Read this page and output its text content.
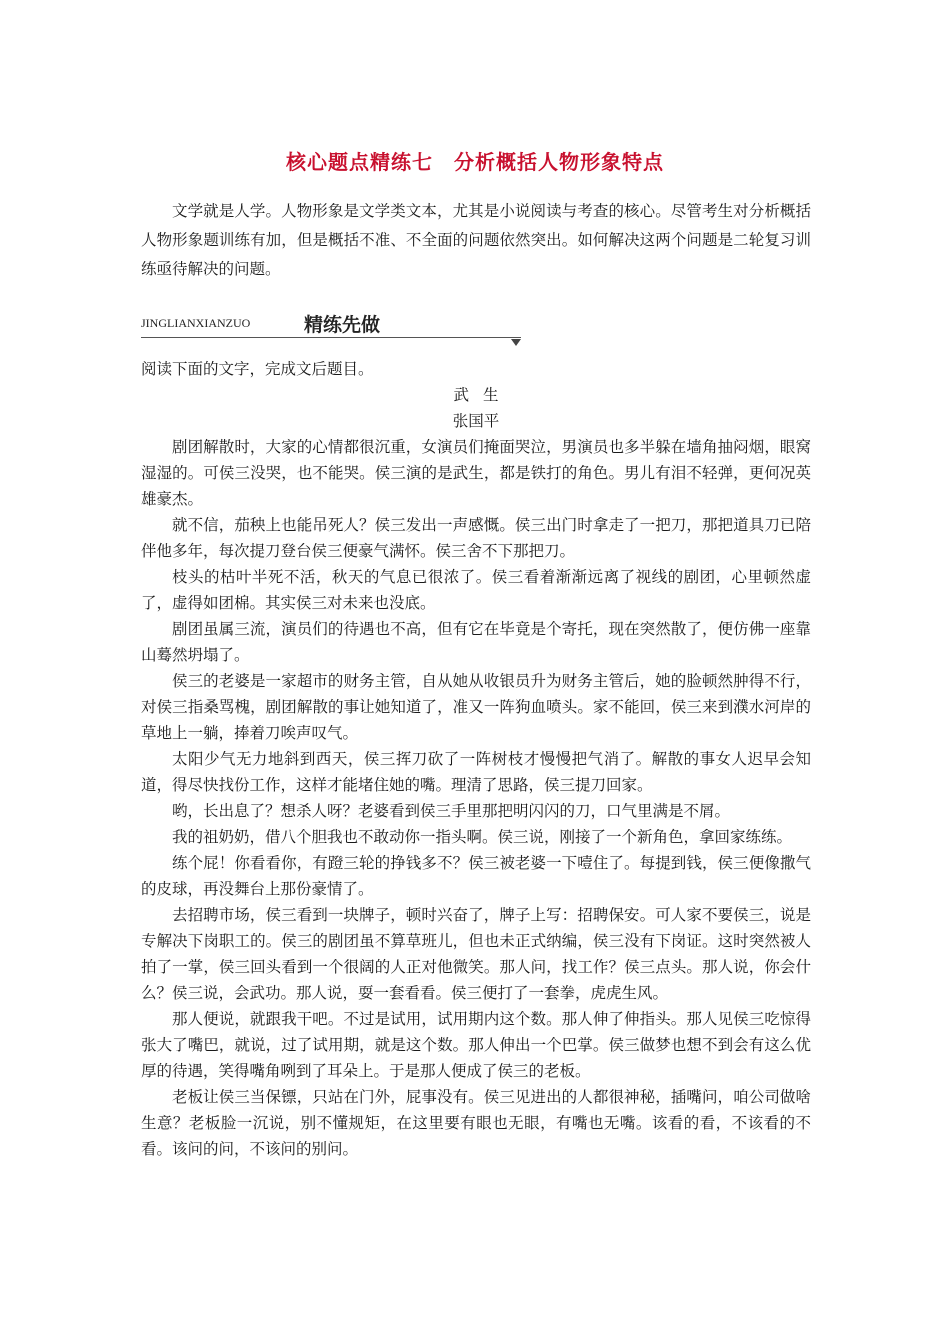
核心题点精练七　分析概括人物形象特点

文学就是人学。人物形象是文学类文本，尤其是小说阅读与考查的核心。尽管考生对分析概括人物形象题训练有加，但是概括不准、不全面的问题依然突出。如何解决这两个问题是二轮复习训练亟待解决的问题。

JINGLIANXIANZUO	精练先做

阅读下面的文字，完成文后题目。

武生

张国平

剧团解散时，大家的心情都很沉重，女演员们掩面哭泣，男演员也多半躲在墙角抽闷烟，眼窝湿湿的。可侯三没哭，也不能哭。侯三演的是武生，都是铁打的角色。男儿有泪不轻弹，更何况英雄豪杰。

就不信，茄秧上也能吊死人？侯三发出一声感慨。侯三出门时拿走了一把刀，那把道具刀已陪伴他多年，每次提刀登台侯三便豪气满怀。侯三舍不下那把刀。

枝头的枯叶半死不活，秋天的气息已很浓了。侯三看着渐渐远离了视线的剧团，心里顿然虚了，虚得如团棉。其实侯三对未来也没底。

剧团虽属三流，演员们的待遇也不高，但有它在毕竟是个寄托，现在突然散了，便仿佛一座靠山蓦然坍塌了。

侯三的老婆是一家超市的财务主管，自从她从收银员升为财务主管后，她的脸顿然肿得不行，对侯三指桑骂槐，剧团解散的事让她知道了，准又一阵狗血喷头。家不能回，侯三来到濮水河岸的草地上一躺，捧着刀唉声叹气。

太阳少气无力地斜到西天，侯三挥刀砍了一阵树枝才慢慢把气消了。解散的事女人迟早会知道，得尽快找份工作，这样才能堵住她的嘴。理清了思路，侯三提刀回家。

哟，长出息了？想杀人呀？老婆看到侯三手里那把明闪闪的刀，口气里满是不屑。

我的祖奶奶，借八个胆我也不敢动你一指头啊。侯三说，刚接了一个新角色，拿回家练练。

练个屁！你看看你，有蹬三轮的挣钱多不？侯三被老婆一下噎住了。每提到钱，侯三便像撒气的皮球，再没舞台上那份豪情了。

去招聘市场，侯三看到一块牌子，顿时兴奋了，牌子上写：招聘保安。可人家不要侯三，说是专解决下岗职工的。侯三的剧团虽不算草班儿，但也未正式纳编，侯三没有下岗证。这时突然被人拍了一掌，侯三回头看到一个很阔的人正对他微笑。那人问，找工作？侯三点头。那人说，你会什么？侯三说，会武功。那人说，耍一套看看。侯三便打了一套拳，虎虎生风。

那人便说，就跟我干吧。不过是试用，试用期内这个数。那人伸了伸指头。那人见侯三吃惊得张大了嘴巴，就说，过了试用期，就是这个数。那人伸出一个巴掌。侯三做梦也想不到会有这么优厚的待遇，笑得嘴角咧到了耳朵上。于是那人便成了侯三的老板。

老板让侯三当保镖，只站在门外，屁事没有。侯三见进出的人都很神秘，插嘴问，咱公司做啥生意？老板脸一沉说，别不懂规矩，在这里要有眼也无眼，有嘴也无嘴。该看的看，不该看的不看。该问的问，不该问的别问。
